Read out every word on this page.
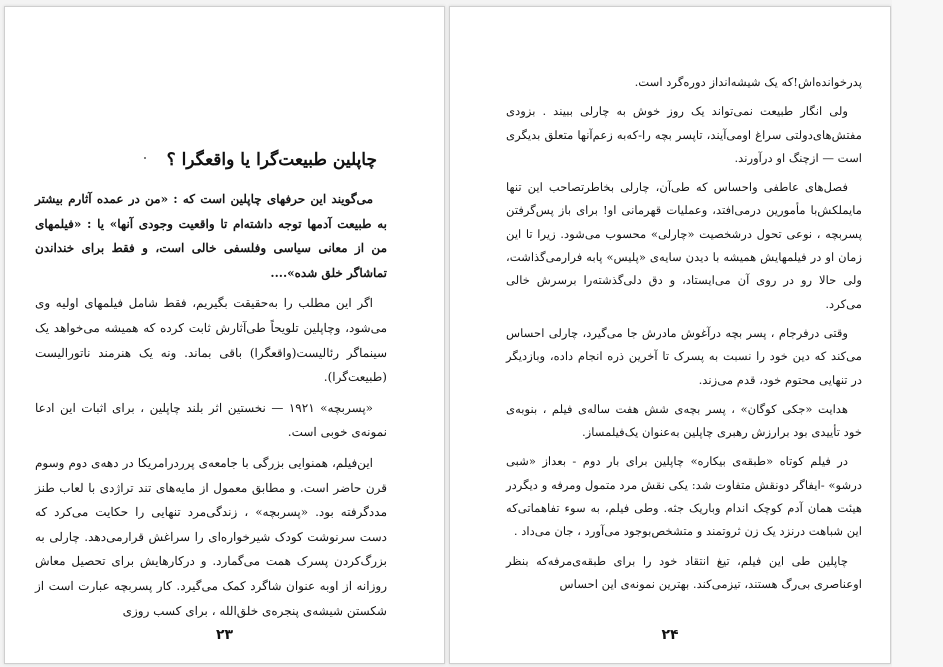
چاپلین طبیعت‌گرا یا واقعگرا ؟

می‌گویند این حرفهای چاپلین است که : «من در عمده آثارم بیشتر به طبیعت آدمها توجه داشته‌ام تا واقعیت وجودی آنها» یا : «فیلمهای من از معانی سیاسی وفلسفی خالی است، و فقط برای خنداندن تماشاگر خلق شده»....

اگر این مطلب را به‌حقیقت بگیریم، فقط شامل فیلمهای اولیه وی می‌شود، وچاپلین تلویحاً طی‌آثارش ثابت کرده که همیشه می‌خواهد یک سینماگر رئالیست(واقعگرا) باقی بماند. ونه یک هنرمند ناتورالیست (طبیعت‌گرا).

«پسربچه» ۱۹۲۱ — نخستین اثر بلند چاپلین ، برای اثبات این ادعا نمونه‌ی خوبی است.

این‌فیلم، همنوایی بزرگی با جامعه‌ی پرردرامریکا در دهه‌ی دوم وسوم قرن حاضر است. و مطابق معمول از مایه‌های تند تراژدی با لعاب طنز مددگرفته بود. «پسربچه» ، زندگی‌مرد تنهایی را حکایت می‌کرد که دست سرنوشت کودک شیرخواره‌ای را سراغش قرارمی‌دهد. چارلی به بزرگ‌کردن پسرک همت می‌گمارد. و درکارهایش برای تحصیل معاش روزانه از اوبه عنوان شاگرد کمک می‌گیرد. کار پسربچه عبارت است از شکستن شیشه‌ی پنجره‌ی خلق‌الله ، برای کسب روزی

۲۳

پدرخوانده‌اش!که یک شیشه‌انداز دوره‌گرد است.

ولی انگار طبیعت نمی‌تواند یک روز خوش به چارلی ببیند . بزودی مفتش‌های‌دولتی سراغ اومی‌آیند، تاپسر بچه را-که‌به زعم‌آنها متعلق بدیگری است — ازچنگ او درآورند.

فصل‌های عاطفی واحساس که طی‌آن، چارلی بخاطرتصاحب این تنها مایملکش‌با مأمورین درمی‌افتد، وعملیات قهرمانی او! برای باز پس‌گرفتن پسربچه ، نوعی تحول درشخصیت «چارلی» محسوب می‌شود. زیرا تا این زمان او در فیلمهایش همیشه با دیدن سایه‌ی «پلیس» پابه فرارمی‌گذاشت، ولی حالا رو در روی آن می‌ایستاد، و دق دلی‌گذشته‌را برسرش خالی می‌کرد.

وقتی درفرجام ، پسر بچه درآغوش مادرش جا می‌گیرد، چارلی احساس می‌کند که دین خود را نسبت به پسرک تا آخرین ذره انجام داده، وبازدیگر در تنهایی محتوم خود، قدم می‌زند.

هدایت «جکی کوگان» ، پسر بچه‌ی شش هفت ساله‌ی فیلم ، بنوبه‌ی خود تأییدی بود برارزش رهبری چاپلین به‌عنوان یک‌فیلمساز.

در فیلم کوتاه «طبقه‌ی بیکاره» چاپلین برای بار دوم - بعداز «شبی درشو» -ایفاگر دونقش متفاوت شد: یکی نقش مرد متمول ومرفه و دیگردر هیئت همان آدم کوچک اندام وباریک جثه. وطی فیلم، به سوء تفاهماتی‌که این شباهت درنزد یک زن ثروتمند و متشخص‌بوجود می‌آورد ، جان می‌داد .

چاپلین طی این فیلم، تیغ انتقاد خود را برای طبقه‌ی‌مرفه‌که بنظر اوعناصری بی‌رگ هستند، تیزمی‌کند. بهترین نمونه‌ی این احساس

۲۴
